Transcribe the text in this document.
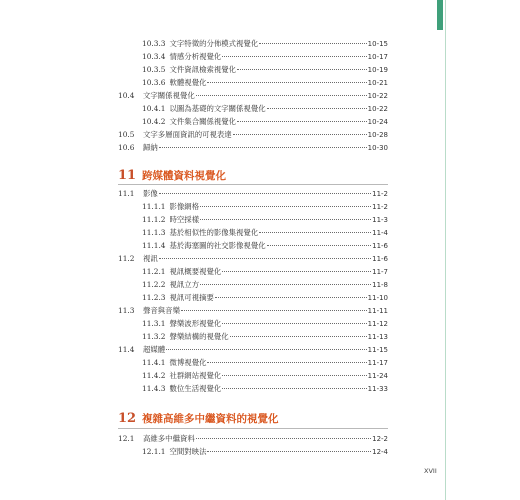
10.3.3 文字特徵的分佈模式視覺化	10-15
10.3.4 情感分析視覺化	10-17
10.3.5 文件資訊檢索視覺化	10-19
10.3.6 軟體視覺化	10-21
10.4	文字關係視覺化	10-22
10.4.1 以圖為基礎的文字關係視覺化	10-22
10.4.2 文件集合關係視覺化	10-24
10.5	文字多層面資訊的可視表達	10-28
10.6	歸納	10-30
11 跨媒體資料視覺化
11.1	影像	11-2
11.1.1 影像網格	11-2
11.1.2 時空採樣	11-3
11.1.3 基於相似性的影像集視覺化	11-4
11.1.4 基於海塞圖的社交影像視覺化	11-6
11.2	視訊	11-6
11.2.1 視訊概要視覺化	11-7
11.2.2 視訊立方	11-8
11.2.3 視訊可視摘要	11-10
11.3	聲音與音樂	11-11
11.3.1 聲樂波形視覺化	11-12
11.3.2 聲樂結構的視覺化	11-13
11.4	超媒體	11-15
11.4.1 微博視覺化	11-17
11.4.2 社群網站視覺化	11-24
11.4.3 數位生活視覺化	11-33
12 複雜高維多中繼資料的視覺化
12.1	高維多中繼資料	12-2
12.1.1 空間對映法	12-4
XVII
